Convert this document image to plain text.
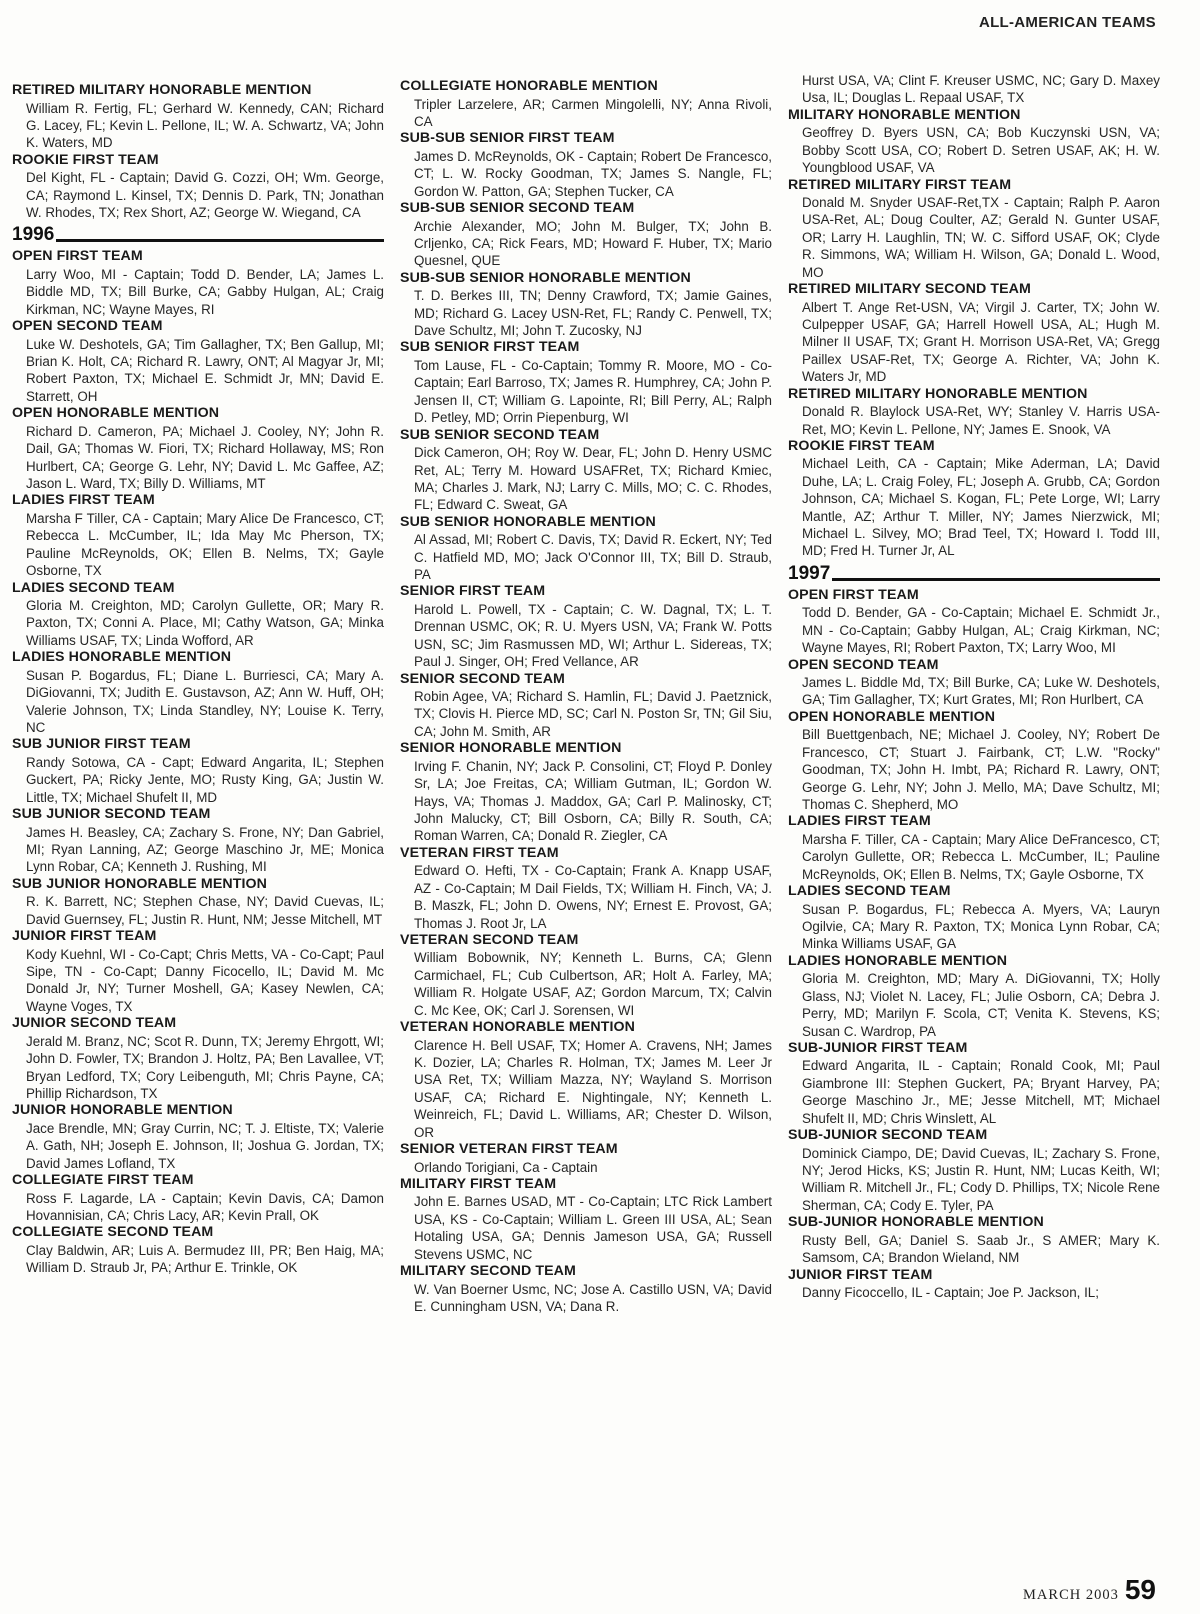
ALL-AMERICAN TEAMS
RETIRED MILITARY HONORABLE MENTION
William R. Fertig, FL; Gerhard W. Kennedy, CAN; Richard G. Lacey, FL; Kevin L. Pellone, IL; W. A. Schwartz, VA; John K. Waters, MD
ROOKIE FIRST TEAM
Del Kight, FL - Captain; David G. Cozzi, OH; Wm. George, CA; Raymond L. Kinsel, TX; Dennis D. Park, TN; Jonathan W. Rhodes, TX; Rex Short, AZ; George W. Wiegand, CA
1996
OPEN FIRST TEAM
Larry Woo, MI - Captain; Todd D. Bender, LA; James L. Biddle MD, TX; Bill Burke, CA; Gabby Hulgan, AL; Craig Kirkman, NC; Wayne Mayes, RI
OPEN SECOND TEAM
Luke W. Deshotels, GA; Tim Gallagher, TX; Ben Gallup, MI; Brian K. Holt, CA; Richard R. Lawry, ONT; Al Magyar Jr, MI; Robert Paxton, TX; Michael E. Schmidt Jr, MN; David E. Starrett, OH
OPEN HONORABLE MENTION
Richard D. Cameron, PA; Michael J. Cooley, NY; John R. Dail, GA; Thomas W. Fiori, TX; Richard Hollaway, MS; Ron Hurlbert, CA; George G. Lehr, NY; David L. Mc Gaffee, AZ; Jason L. Ward, TX; Billy D. Williams, MT
LADIES FIRST TEAM
Marsha F Tiller, CA - Captain; Mary Alice De Francesco, CT; Rebecca L. McCumber, IL; Ida May Mc Pherson, TX; Pauline McReynolds, OK; Ellen B. Nelms, TX; Gayle Osborne, TX
LADIES SECOND TEAM
Gloria M. Creighton, MD; Carolyn Gullette, OR; Mary R. Paxton, TX; Conni A. Place, MI; Cathy Watson, GA; Minka Williams USAF, TX; Linda Wofford, AR
LADIES HONORABLE MENTION
Susan P. Bogardus, FL; Diane L. Burriesci, CA; Mary A. DiGiovanni, TX; Judith E. Gustavson, AZ; Ann W. Huff, OH; Valerie Johnson, TX; Linda Standley, NY; Louise K. Terry, NC
SUB JUNIOR FIRST TEAM
Randy Sotowa, CA - Capt; Edward Angarita, IL; Stephen Guckert, PA; Ricky Jente, MO; Rusty King, GA; Justin W. Little, TX; Michael Shufelt II, MD
SUB JUNIOR SECOND TEAM
James H. Beasley, CA; Zachary S. Frone, NY; Dan Gabriel, MI; Ryan Lanning, AZ; George Maschino Jr, ME; Monica Lynn Robar, CA; Kenneth J. Rushing, MI
SUB JUNIOR HONORABLE MENTION
R. K. Barrett, NC; Stephen Chase, NY; David Cuevas, IL; David Guernsey, FL; Justin R. Hunt, NM; Jesse Mitchell, MT
JUNIOR FIRST TEAM
Kody Kuehnl, WI - Co-Capt; Chris Metts, VA - Co-Capt; Paul Sipe, TN - Co-Capt; Danny Ficocello, IL; David M. Mc Donald Jr, NY; Turner Moshell, GA; Kasey Newlen, CA; Wayne Voges, TX
JUNIOR SECOND TEAM
Jerald M. Branz, NC; Scot R. Dunn, TX; Jeremy Ehrgott, WI; John D. Fowler, TX; Brandon J. Holtz, PA; Ben Lavallee, VT; Bryan Ledford, TX; Cory Leibenguth, MI; Chris Payne, CA; Phillip Richardson, TX
JUNIOR HONORABLE MENTION
Jace Brendle, MN; Gray Currin, NC; T. J. Eltiste, TX; Valerie A. Gath, NH; Joseph E. Johnson, II; Joshua G. Jordan, TX; David James Lofland, TX
COLLEGIATE FIRST TEAM
Ross F. Lagarde, LA - Captain; Kevin Davis, CA; Damon Hovannisian, CA; Chris Lacy, AR; Kevin Prall, OK
COLLEGIATE SECOND TEAM
Clay Baldwin, AR; Luis A. Bermudez III, PR; Ben Haig, MA; William D. Straub Jr, PA; Arthur E. Trinkle, OK
COLLEGIATE HONORABLE MENTION
Tripler Larzelere, AR; Carmen Mingolelli, NY; Anna Rivoli, CA
SUB-SUB SENIOR FIRST TEAM
James D. McReynolds, OK - Captain; Robert De Francesco, CT; L. W. Rocky Goodman, TX; James S. Nangle, FL; Gordon W. Patton, GA; Stephen Tucker, CA
SUB-SUB SENIOR SECOND TEAM
Archie Alexander, MO; John M. Bulger, TX; John B. Crljenko, CA; Rick Fears, MD; Howard F. Huber, TX; Mario Quesnel, QUE
SUB-SUB SENIOR HONORABLE MENTION
T. D. Berkes III, TN; Denny Crawford, TX; Jamie Gaines, MD; Richard G. Lacey USN-Ret, FL; Randy C. Penwell, TX; Dave Schultz, MI; John T. Zucosky, NJ
SUB SENIOR FIRST TEAM
Tom Lause, FL - Co-Captain; Tommy R. Moore, MO - Co-Captain; Earl Barroso, TX; James R. Humphrey, CA; John P. Jensen II, CT; William G. Lapointe, RI; Bill Perry, AL; Ralph D. Petley, MD; Orrin Piepenburg, WI
SUB SENIOR SECOND TEAM
Dick Cameron, OH; Roy W. Dear, FL; John D. Henry USMC Ret, AL; Terry M. Howard USAFRet, TX; Richard Kmiec, MA; Charles J. Mark, NJ; Larry C. Mills, MO; C. C. Rhodes, FL; Edward C. Sweat, GA
SUB SENIOR HONORABLE MENTION
Al Assad, MI; Robert C. Davis, TX; David R. Eckert, NY; Ted C. Hatfield MD, MO; Jack O'Connor III, TX; Bill D. Straub, PA
SENIOR FIRST TEAM
Harold L. Powell, TX - Captain; C. W. Dagnal, TX; L. T. Drennan USMC, OK; R. U. Myers USN, VA; Frank W. Potts USN, SC; Jim Rasmussen MD, WI; Arthur L. Sidereas, TX; Paul J. Singer, OH; Fred Vellance, AR
SENIOR SECOND TEAM
Robin Agee, VA; Richard S. Hamlin, FL; David J. Paetznick, TX; Clovis H. Pierce MD, SC; Carl N. Poston Sr, TN; Gil Siu, CA; John M. Smith, AR
SENIOR HONORABLE MENTION
Irving F. Chanin, NY; Jack P. Consolini, CT; Floyd P. Donley Sr, LA; Joe Freitas, CA; William Gutman, IL; Gordon W. Hays, VA; Thomas J. Maddox, GA; Carl P. Malinosky, CT; John Malucky, CT; Bill Osborn, CA; Billy R. South, CA; Roman Warren, CA; Donald R. Ziegler, CA
VETERAN FIRST TEAM
Edward O. Hefti, TX - Co-Captain; Frank A. Knapp USAF, AZ - Co-Captain; M Dail Fields, TX; William H. Finch, VA; J. B. Maszk, FL; John D. Owens, NY; Ernest E. Provost, GA; Thomas J. Root Jr, LA
VETERAN SECOND TEAM
William Bobownik, NY; Kenneth L. Burns, CA; Glenn Carmichael, FL; Cub Culbertson, AR; Holt A. Farley, MA; William R. Holgate USAF, AZ; Gordon Marcum, TX; Calvin C. Mc Kee, OK; Carl J. Sorensen, WI
VETERAN HONORABLE MENTION
Clarence H. Bell USAF, TX; Homer A. Cravens, NH; James K. Dozier, LA; Charles R. Holman, TX; James M. Leer Jr USA Ret, TX; William Mazza, NY; Wayland S. Morrison USAF, CA; Richard E. Nightingale, NY; Kenneth L. Weinreich, FL; David L. Williams, AR; Chester D. Wilson, OR
SENIOR VETERAN FIRST TEAM
Orlando Torigiani, Ca - Captain
MILITARY FIRST TEAM
John E. Barnes USAD, MT - Co-Captain; LTC Rick Lambert USA, KS - Co-Captain; William L. Green III USA, AL; Sean Hotaling USA, GA; Dennis Jameson USA, GA; Russell Stevens USMC, NC
MILITARY SECOND TEAM
W. Van Boerner Usmc, NC; Jose A. Castillo USN, VA; David E. Cunningham USN, VA; Dana R.
Hurst USA, VA; Clint F. Kreuser USMC, NC; Gary D. Maxey Usa, IL; Douglas L. Repaal USAF, TX
MILITARY HONORABLE MENTION
Geoffrey D. Byers USN, CA; Bob Kuczynski USN, VA; Bobby Scott USA, CO; Robert D. Setren USAF, AK; H. W. Youngblood USAF, VA
RETIRED MILITARY FIRST TEAM
Donald M. Snyder USAF-Ret,TX - Captain; Ralph P. Aaron USA-Ret, AL; Doug Coulter, AZ; Gerald N. Gunter USAF, OR; Larry H. Laughlin, TN; W. C. Sifford USAF, OK; Clyde R. Simmons, WA; William H. Wilson, GA; Donald L. Wood, MO
RETIRED MILITARY SECOND TEAM
Albert T. Ange Ret-USN, VA; Virgil J. Carter, TX; John W. Culpepper USAF, GA; Harrell Howell USA, AL; Hugh M. Milner II USAF, TX; Grant H. Morrison USA-Ret, VA; Gregg Paillex USAF-Ret, TX; George A. Richter, VA; John K. Waters Jr, MD
RETIRED MILITARY HONORABLE MENTION
Donald R. Blaylock USA-Ret, WY; Stanley V. Harris USA-Ret, MO; Kevin L. Pellone, NY; James E. Snook, VA
ROOKIE FIRST TEAM
Michael Leith, CA - Captain; Mike Aderman, LA; David Duhe, LA; L. Craig Foley, FL; Joseph A. Grubb, CA; Gordon Johnson, CA; Michael S. Kogan, FL; Pete Lorge, WI; Larry Mantle, AZ; Arthur T. Miller, NY; James Nierzwick, MI; Michael L. Silvey, MO; Brad Teel, TX; Howard I. Todd III, MD; Fred H. Turner Jr, AL
1997
OPEN FIRST TEAM
Todd D. Bender, GA - Co-Captain; Michael E. Schmidt Jr., MN - Co-Captain; Gabby Hulgan, AL; Craig Kirkman, NC; Wayne Mayes, RI; Robert Paxton, TX; Larry Woo, MI
OPEN SECOND TEAM
James L. Biddle Md, TX; Bill Burke, CA; Luke W. Deshotels, GA; Tim Gallagher, TX; Kurt Grates, MI; Ron Hurlbert, CA
OPEN HONORABLE MENTION
Bill Buettgenbach, NE; Michael J. Cooley, NY; Robert De Francesco, CT; Stuart J. Fairbank, CT; L.W. "Rocky" Goodman, TX; John H. Imbt, PA; Richard R. Lawry, ONT; George G. Lehr, NY; John J. Mello, MA; Dave Schultz, MI; Thomas C. Shepherd, MO
LADIES FIRST TEAM
Marsha F. Tiller, CA - Captain; Mary Alice DeFrancesco, CT; Carolyn Gullette, OR; Rebecca L. McCumber, IL; Pauline McReynolds, OK; Ellen B. Nelms, TX; Gayle Osborne, TX
LADIES SECOND TEAM
Susan P. Bogardus, FL; Rebecca A. Myers, VA; Lauryn Ogilvie, CA; Mary R. Paxton, TX; Monica Lynn Robar, CA; Minka Williams USAF, GA
LADIES HONORABLE MENTION
Gloria M. Creighton, MD; Mary A. DiGiovanni, TX; Holly Glass, NJ; Violet N. Lacey, FL; Julie Osborn, CA; Debra J. Perry, MD; Marilyn F. Scola, CT; Venita K. Stevens, KS; Susan C. Wardrop, PA
SUB-JUNIOR FIRST TEAM
Edward Angarita, IL - Captain; Ronald Cook, MI; Paul Giambrone III: Stephen Guckert, PA; Bryant Harvey, PA; George Maschino Jr., ME; Jesse Mitchell, MT; Michael Shufelt II, MD; Chris Winslett, AL
SUB-JUNIOR SECOND TEAM
Dominick Ciampo, DE; David Cuevas, IL; Zachary S. Frone, NY; Jerod Hicks, KS; Justin R. Hunt, NM; Lucas Keith, WI; William R. Mitchell Jr., FL; Cody D. Phillips, TX; Nicole Rene Sherman, CA; Cody E. Tyler, PA
SUB-JUNIOR HONORABLE MENTION
Rusty Bell, GA; Daniel S. Saab Jr., S AMER; Mary K. Samsom, CA; Brandon Wieland, NM
JUNIOR FIRST TEAM
Danny Ficoccello, IL - Captain; Joe P. Jackson, IL;
MARCH 2003 59
